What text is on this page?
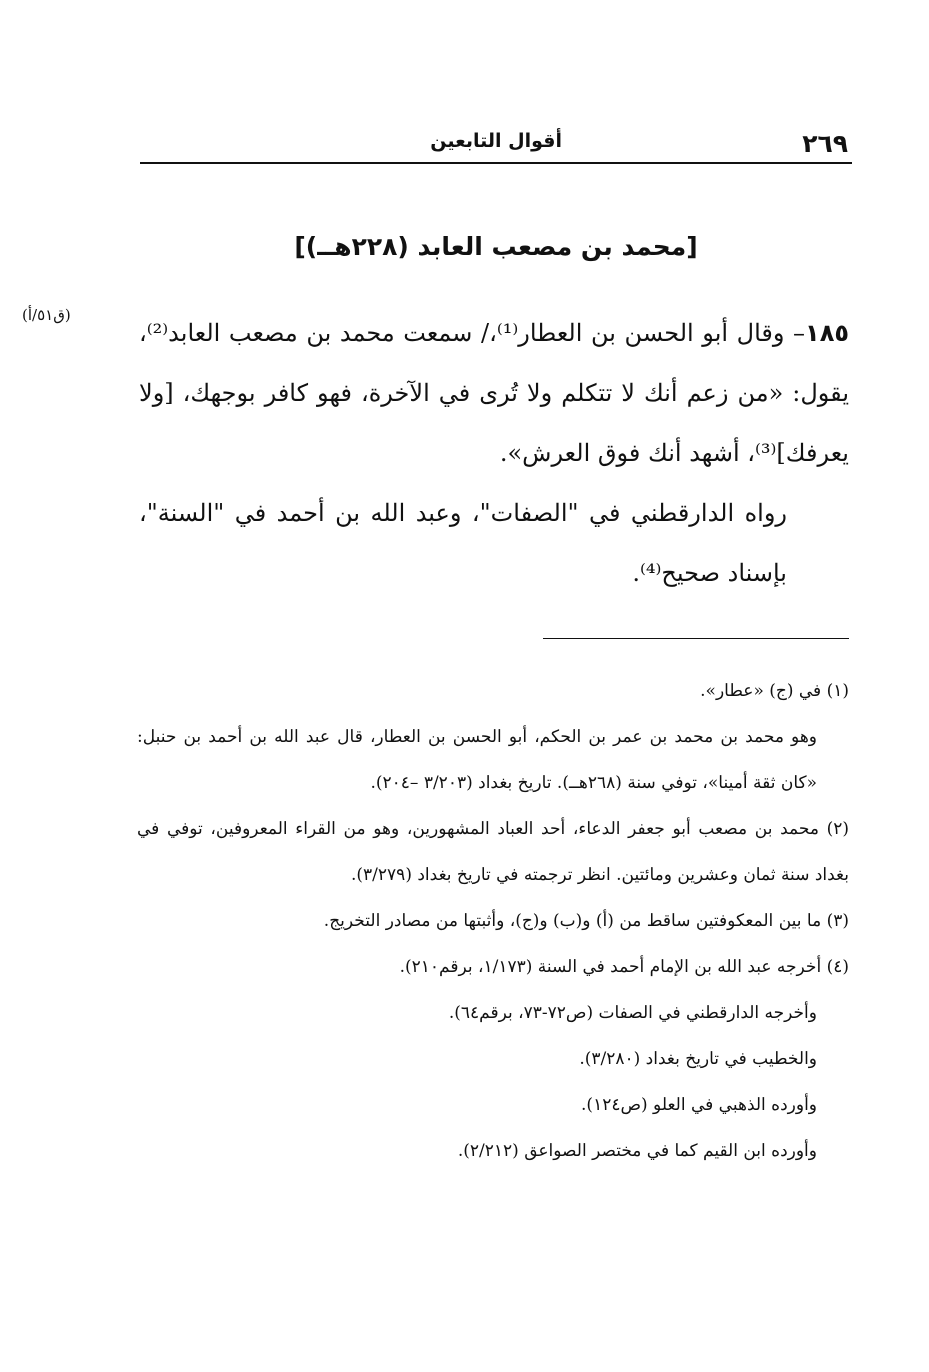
٢٦٩
أقوال التابعين
[محمد بن مصعب العابد (٢٢٨هــ)]
(ق٥١/أ)

١٨٥– وقال أبو الحسن بن العطار⁽¹⁾،/ سمعت محمد بن مصعب العابد⁽²⁾، يقول: «من زعم أنك لا تتكلم ولا تُرى في الآخرة، فهو كافر بوجهك، [ولا يعرفك]⁽³⁾، أشهد أنك فوق العرش».

رواه الدارقطني في "الصفات"، وعبد الله بن أحمد في "السنة"، بإسناد صحيح⁽⁴⁾.

(١) في (ج) «عطار».

وهو محمد بن محمد بن عمر بن الحكم، أبو الحسن بن العطار، قال عبد الله بن أحمد بن حنبل: «كان ثقة أمينا»، توفي سنة (٢٦٨هــ). تاريخ بغداد (٣/٢٠٣ –٢٠٤).

(٢) محمد بن مصعب أبو جعفر الدعاء، أحد العباد المشهورين، وهو من القراء المعروفين، توفي في بغداد سنة ثمان وعشرين ومائتين. انظر ترجمته في تاريخ بغداد (٣/٢٧٩).

(٣) ما بين المعكوفتين ساقط من (أ) و(ب) و(ج)، وأثبتها من مصادر التخريج.

(٤) أخرجه عبد الله بن الإمام أحمد في السنة (١/١٧٣، برقم٢١٠).

وأخرجه الدارقطني في الصفات (ص٧٢-٧٣، برقم٦٤).

والخطيب في تاريخ بغداد (٣/٢٨٠).

وأورده الذهبي في العلو (ص١٢٤).

وأورده ابن القيم كما في مختصر الصواعق (٢/٢١٢).
